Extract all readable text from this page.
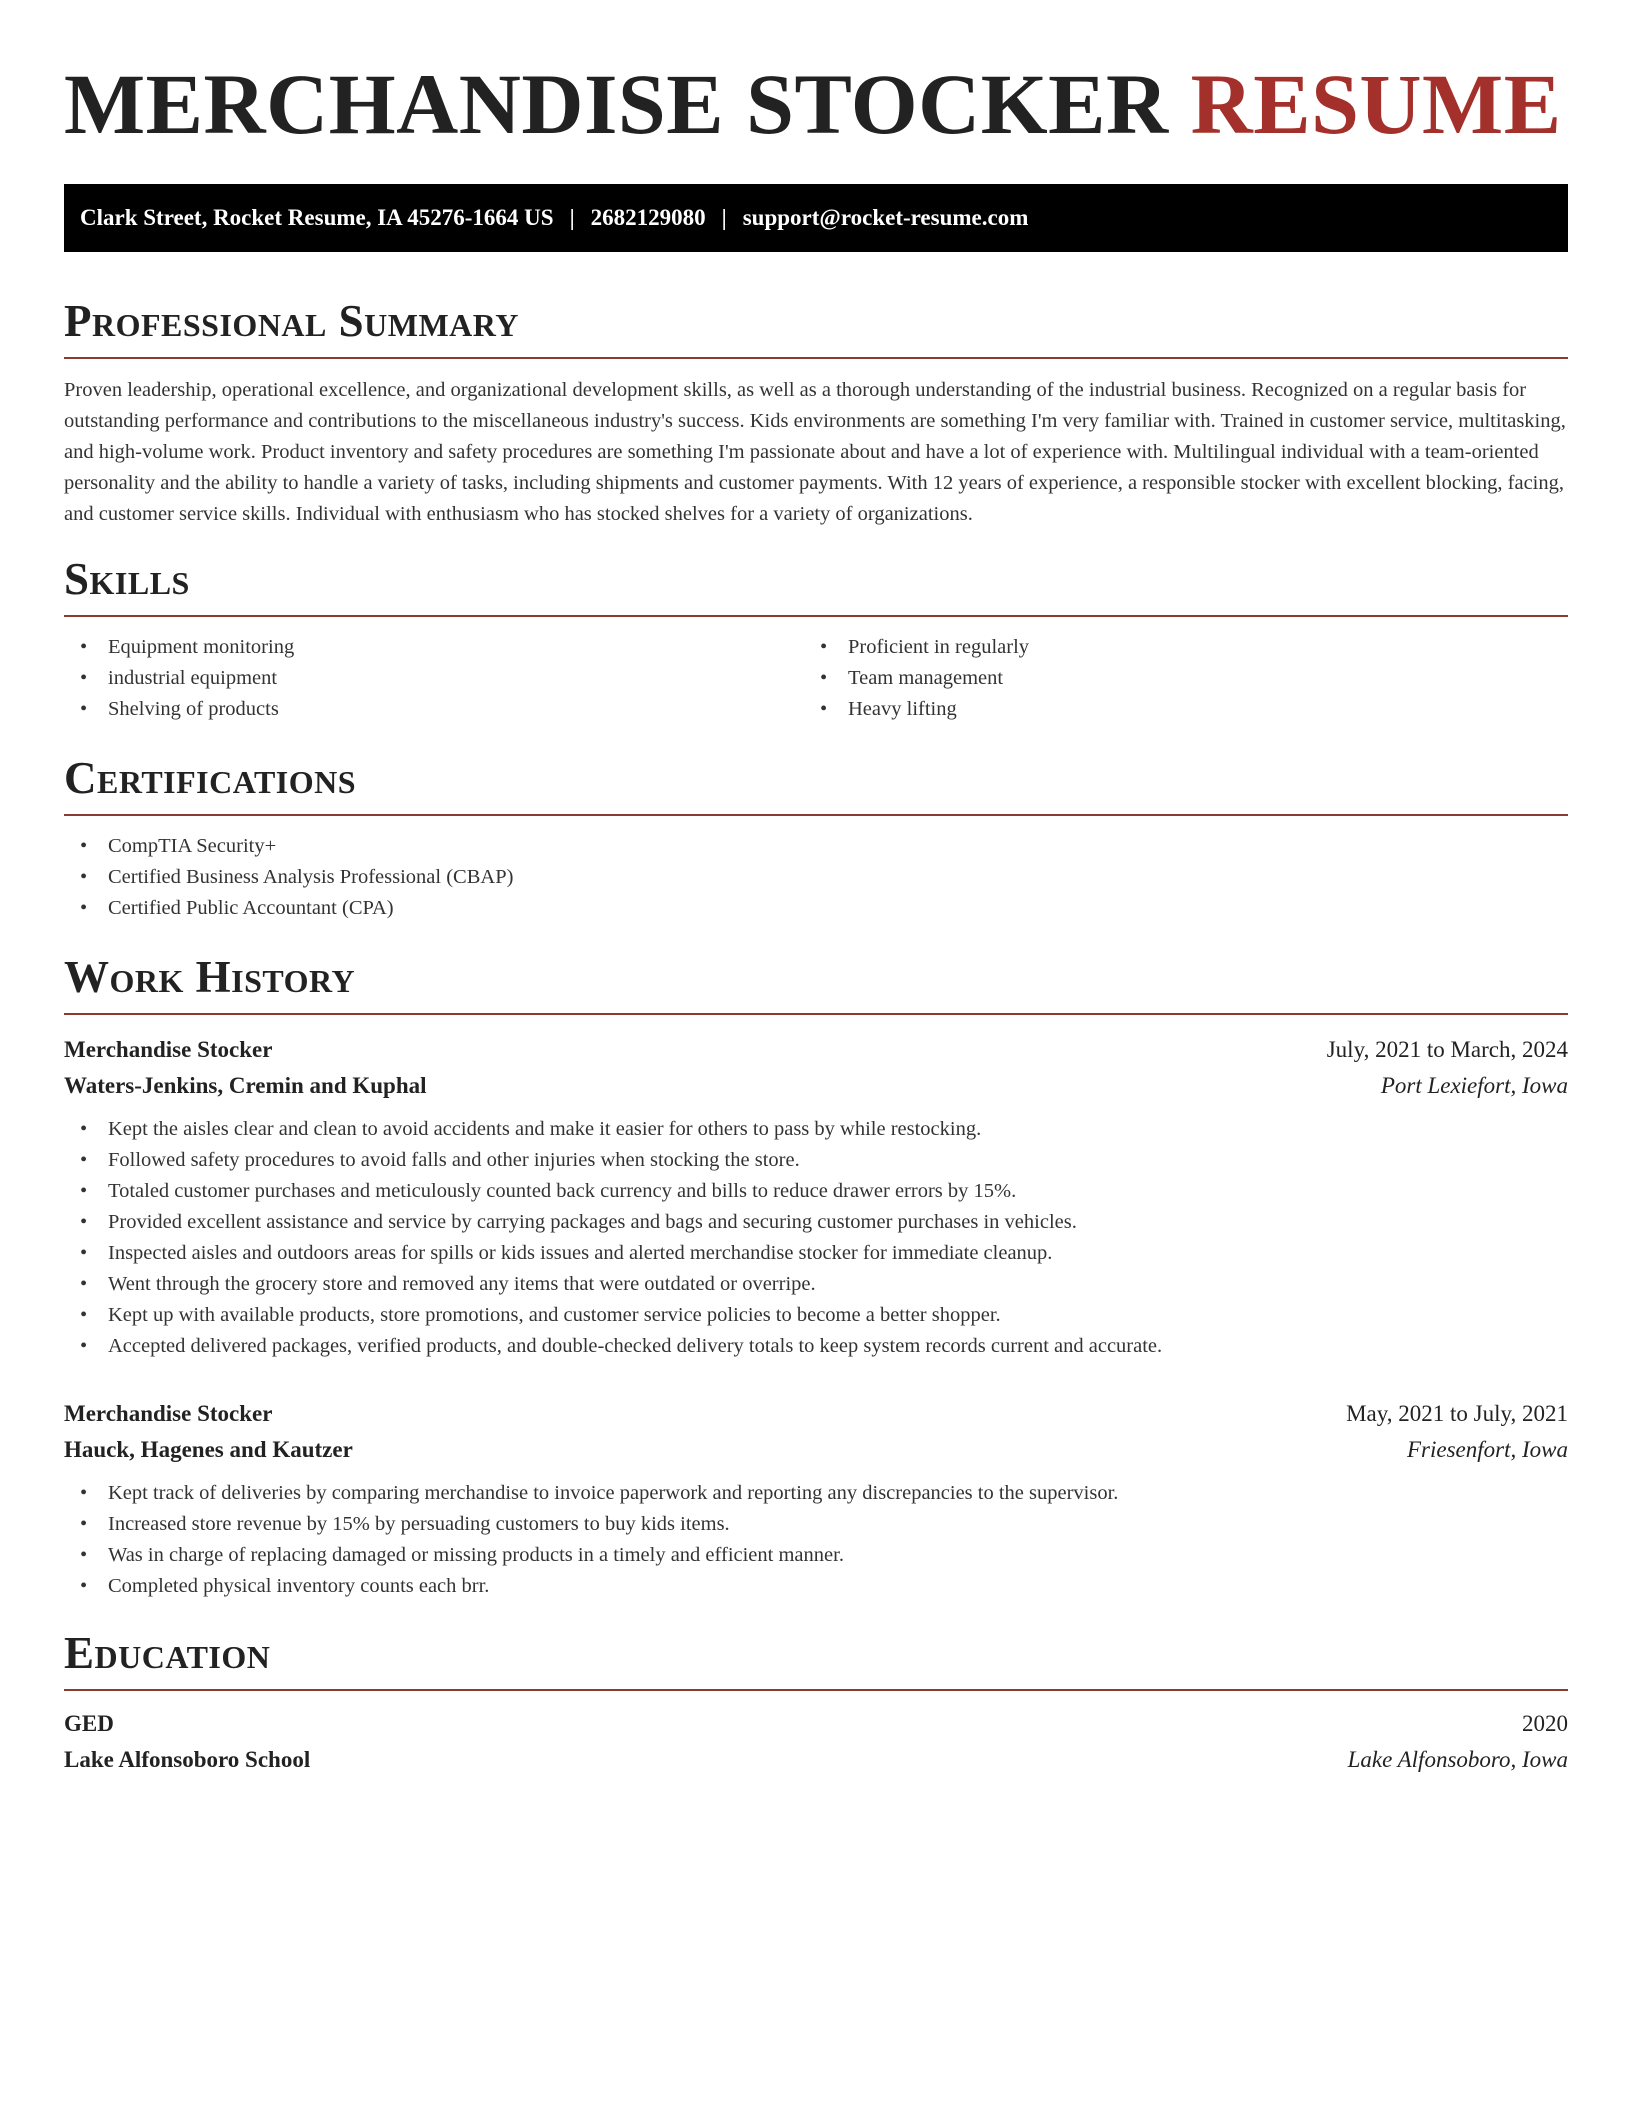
MERCHANDISE STOCKER RESUME
Clark Street, Rocket Resume, IA 45276-1664 US | 2682129080 | support@rocket-resume.com
Professional Summary

Proven leadership, operational excellence, and organizational development skills, as well as a thorough understanding of the industrial business. Recognized on a regular basis for outstanding performance and contributions to the miscellaneous industry's success. Kids environments are something I'm very familiar with. Trained in customer service, multitasking, and high-volume work. Product inventory and safety procedures are something I'm passionate about and have a lot of experience with. Multilingual individual with a team-oriented personality and the ability to handle a variety of tasks, including shipments and customer payments. With 12 years of experience, a responsible stocker with excellent blocking, facing, and customer service skills. Individual with enthusiasm who has stocked shelves for a variety of organizations.

Skills
• Equipment monitoring
• industrial equipment
• Shelving of products
• Proficient in regularly
• Team management
• Heavy lifting
Certifications
• CompTIA Security+
• Certified Business Analysis Professional (CBAP)
• Certified Public Accountant (CPA)
Work History
Merchandise Stocker	July, 2021 to March, 2024
Waters-Jenkins, Cremin and Kuphal	Port Lexiefort, Iowa
• Kept the aisles clear and clean to avoid accidents and make it easier for others to pass by while restocking.
• Followed safety procedures to avoid falls and other injuries when stocking the store.
• Totaled customer purchases and meticulously counted back currency and bills to reduce drawer errors by 15%.
• Provided excellent assistance and service by carrying packages and bags and securing customer purchases in vehicles.
• Inspected aisles and outdoors areas for spills or kids issues and alerted merchandise stocker for immediate cleanup.
• Went through the grocery store and removed any items that were outdated or overripe.
• Kept up with available products, store promotions, and customer service policies to become a better shopper.
• Accepted delivered packages, verified products, and double-checked delivery totals to keep system records current and accurate.
Merchandise Stocker	May, 2021 to July, 2021
Hauck, Hagenes and Kautzer	Friesenfort, Iowa
• Kept track of deliveries by comparing merchandise to invoice paperwork and reporting any discrepancies to the supervisor.
• Increased store revenue by 15% by persuading customers to buy kids items.
• Was in charge of replacing damaged or missing products in a timely and efficient manner.
• Completed physical inventory counts each brr.
Education
GED	2020
Lake Alfonsoboro School	Lake Alfonsoboro, Iowa
